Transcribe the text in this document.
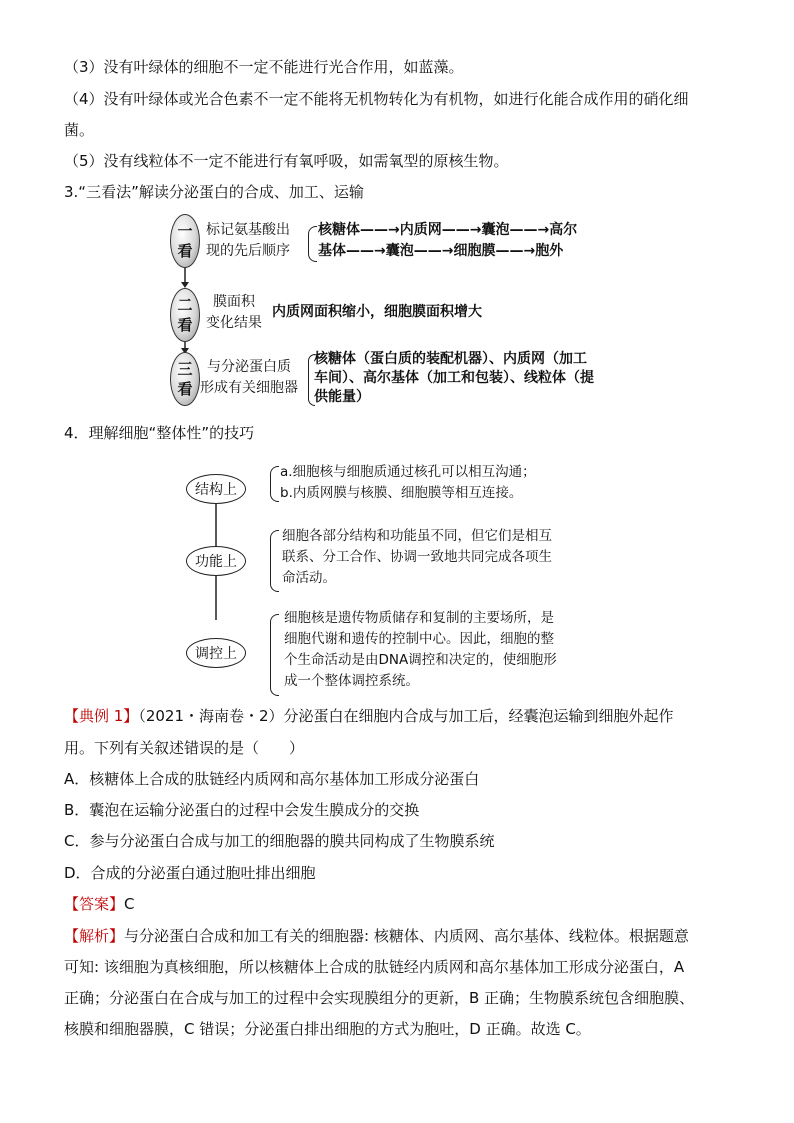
（3）没有叶绿体的细胞不一定不能进行光合作用，如蓝藻。
（4）没有叶绿体或光合色素不一定不能将无机物转化为有机物，如进行化能合成作用的硝化细
菌。
（5）没有线粒体不一定不能进行有氧呼吸，如需氧型的原核生物。
3.“三看法”解读分泌蛋白的合成、加工、运输
一
看
标记氨基酸出
现的先后顺序
核糖体——→内质网——→囊泡——→高尔
基体——→囊泡——→细胞膜——→胞外
二
看
膜面积
变化结果
内质网面积缩小，细胞膜面积增大
三
看
与分泌蛋白质
形成有关细胞器
核糖体（蛋白质的装配机器）、内质网（加工
车间）、高尔基体（加工和包装）、线粒体（提
供能量）
4．理解细胞“整体性”的技巧
结构上
a.细胞核与细胞质通过核孔可以相互沟通；
b.内质网膜与核膜、细胞膜等相互连接。
功能上
细胞各部分结构和功能虽不同，但它们是相互
联系、分工合作、协调一致地共同完成各项生
命活动。
调控上
细胞核是遗传物质储存和复制的主要场所，是
细胞代谢和遗传的控制中心。因此，细胞的整
个生命活动是由DNA调控和决定的，使细胞形
成一个整体调控系统。
【典例 1】（2021・海南卷・2）分泌蛋白在细胞内合成与加工后，经囊泡运输到细胞外起作
用。下列有关叙述错误的是（　　）
A．核糖体上合成的肽链经内质网和高尔基体加工形成分泌蛋白
B．囊泡在运输分泌蛋白的过程中会发生膜成分的交换
C．参与分泌蛋白合成与加工的细胞器的膜共同构成了生物膜系统
D．合成的分泌蛋白通过胞吐排出细胞
【答案】C
【解析】与分泌蛋白合成和加工有关的细胞器: 核糖体、内质网、高尔基体、线粒体。根据题意
可知: 该细胞为真核细胞，所以核糖体上合成的肽链经内质网和高尔基体加工形成分泌蛋白，A
正确；分泌蛋白在合成与加工的过程中会实现膜组分的更新，B 正确；生物膜系统包含细胞膜、
核膜和细胞器膜，C 错误；分泌蛋白排出细胞的方式为胞吐，D 正确。故选 C。
